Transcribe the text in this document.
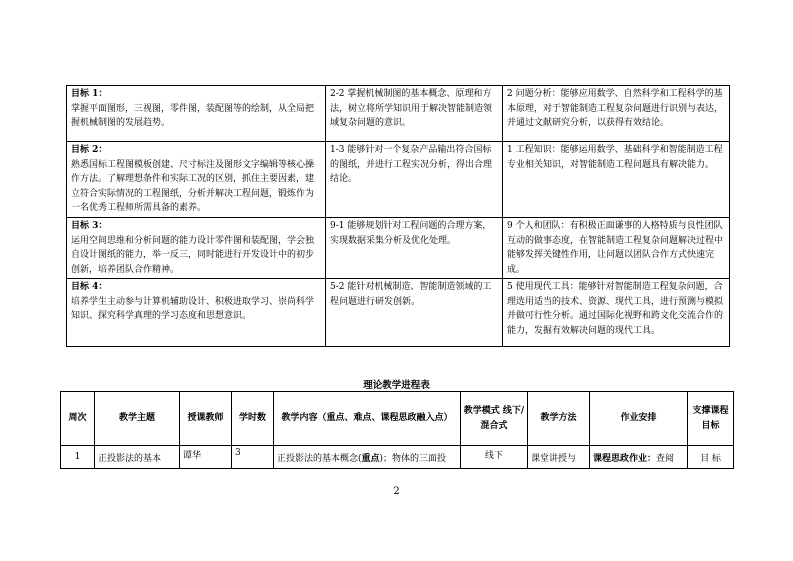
目标 1：
掌握平面图形，三视图，零件图，装配图等的绘制，从全局把握机械制图的发展趋势。	2-2 掌握机械制图的基本概念、原理和方法，树立将所学知识用于解决智能制造领域复杂问题的意识。	2 问题分析：能够应用数学、自然科学和工程科学的基本原理，对于智能制造工程复杂问题进行识别与表达，并通过文献研究分析，以获得有效结论。

目标 2：
熟悉国标工程图模板创建、尺寸标注及图形文字编辑等核心操作方法。了解理想条件和实际工况的区别，抓住主要因素，建立符合实际情况的工程图纸，分析并解决工程问题，锻炼作为一名优秀工程师所需具备的素养。	1-3 能够针对一个复杂产品输出符合国标的图纸，并进行工程实况分析，得出合理结论。	1 工程知识：能够运用数学、基础科学和智能制造工程专业相关知识，对智能制造工程问题具有解决能力。

目标 3：
运用空间思维和分析问题的能力设计零件图和装配图，学会独自设计图纸的能力，举一反三，同时能进行开发设计中的初步创新，培养团队合作精神。	9-1 能够规划针对工程问题的合理方案，实现数据采集分析及优化处理。	9 个人和团队：有积极正面谦事的人格特质与良性团队互动的做事态度，在智能制造工程复杂问题解决过程中能够发挥关键性作用，让问题以团队合作方式快速完成。

目标 4：
培养学生主动参与计算机辅助设计、积极进取学习、崇尚科学知识、探究科学真理的学习态度和思想意识。	5-2 能针对机械制造、智能制造领域的工程问题进行研发创新。	5 使用现代工具：能够针对智能制造工程复杂问题，合理选用适当的技术、资源、现代工具，进行预测与模拟并做可行性分析。通过国际化视野和跨文化交流合作的能力，发掘有效解决问题的现代工具。
理论教学进程表
周次	教学主题	授课教师	学时数	教学内容（重点、难点、课程思政融入点）	教学模式 线下/混合式	教学方法	作业安排	支撑课程目标
1	正投影法的基本	谭华	3	正投影法的基本概念(重点)；物体的三面投	线下	课堂讲授与	课程思政作业：查阅	目 标
2
